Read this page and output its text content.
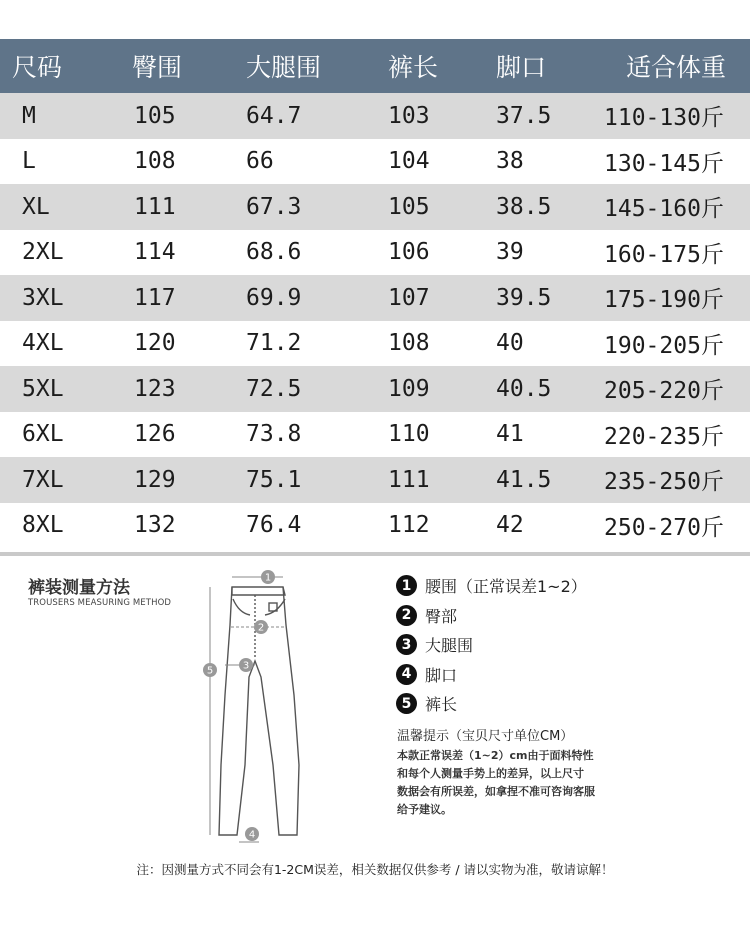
尺码	臀围	大腿围	裤长	脚口	适合体重
M	105	64.7	103	37.5	110-130斤
L	108	66	104	38	130-145斤
XL	111	67.3	105	38.5	145-160斤
2XL	114	68.6	106	39	160-175斤
3XL	117	69.9	107	39.5	175-190斤
4XL	120	71.2	108	40	190-205斤
5XL	123	72.5	109	40.5	205-220斤
6XL	126	73.8	110	41	220-235斤
7XL	129	75.1	111	41.5	235-250斤
8XL	132	76.4	112	42	250-270斤
裤装测量方法
TROUSERS MEASURING METHOD
1
2
3
4
5
1 腰围（正常误差1~2）
2 臀部
3 大腿围
4 脚口
5 裤长
温馨提示（宝贝尺寸单位CM）
本款正常误差（1~2）cm由于面料特性
和每个人测量手势上的差异，以上尺寸
数据会有所误差，如拿捏不准可咨询客服
给予建议。
注：因测量方式不同会有1-2CM误差，相关数据仅供参考 / 请以实物为准，敬请谅解！
